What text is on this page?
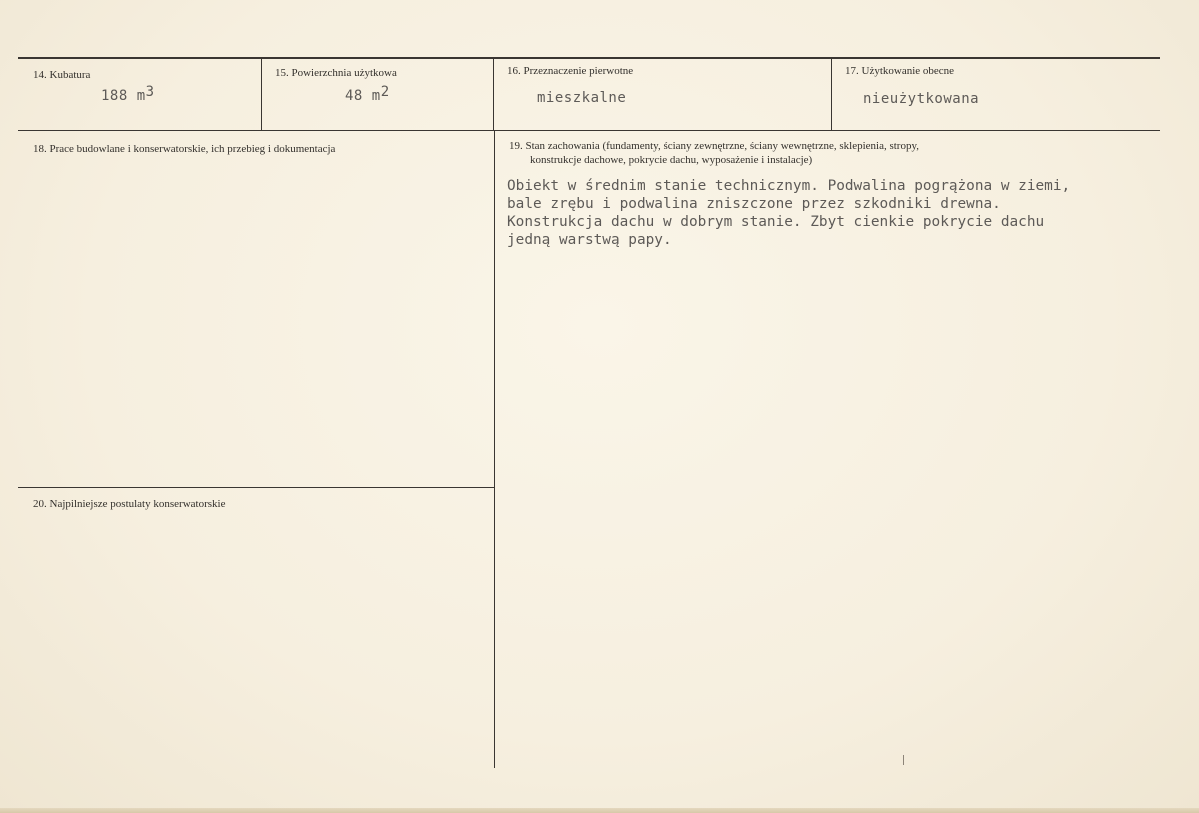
14. Kubatura
188 $m^3$
15. Powierzchnia użytkowa
48 $m^2$
16. Przeznaczenie pierwotne
mieszkalne
17. Użytkowanie obecne
nieużytkowana
18. Prace budowlane i konserwatorskie, ich przebieg i dokumentacja	19. Stan zachowania (fundamenty, ściany zewnętrzne, ściany wewnętrzne, sklepienia, stropy,
konstrukcje dachowe, pokrycie dachu, wyposażenie i instalacje)
Obiekt w średnim stanie technicznym. Podwalina pogrążona w ziemi,
bale zrębu i podwalina zniszczone przez szkodniki drewna.
Konstrukcja dachu w dobrym stanie. Zbyt cienkie pokrycie dachu
jedną warstwą papy.
20. Najpilniejsze postulaty konserwatorskie
